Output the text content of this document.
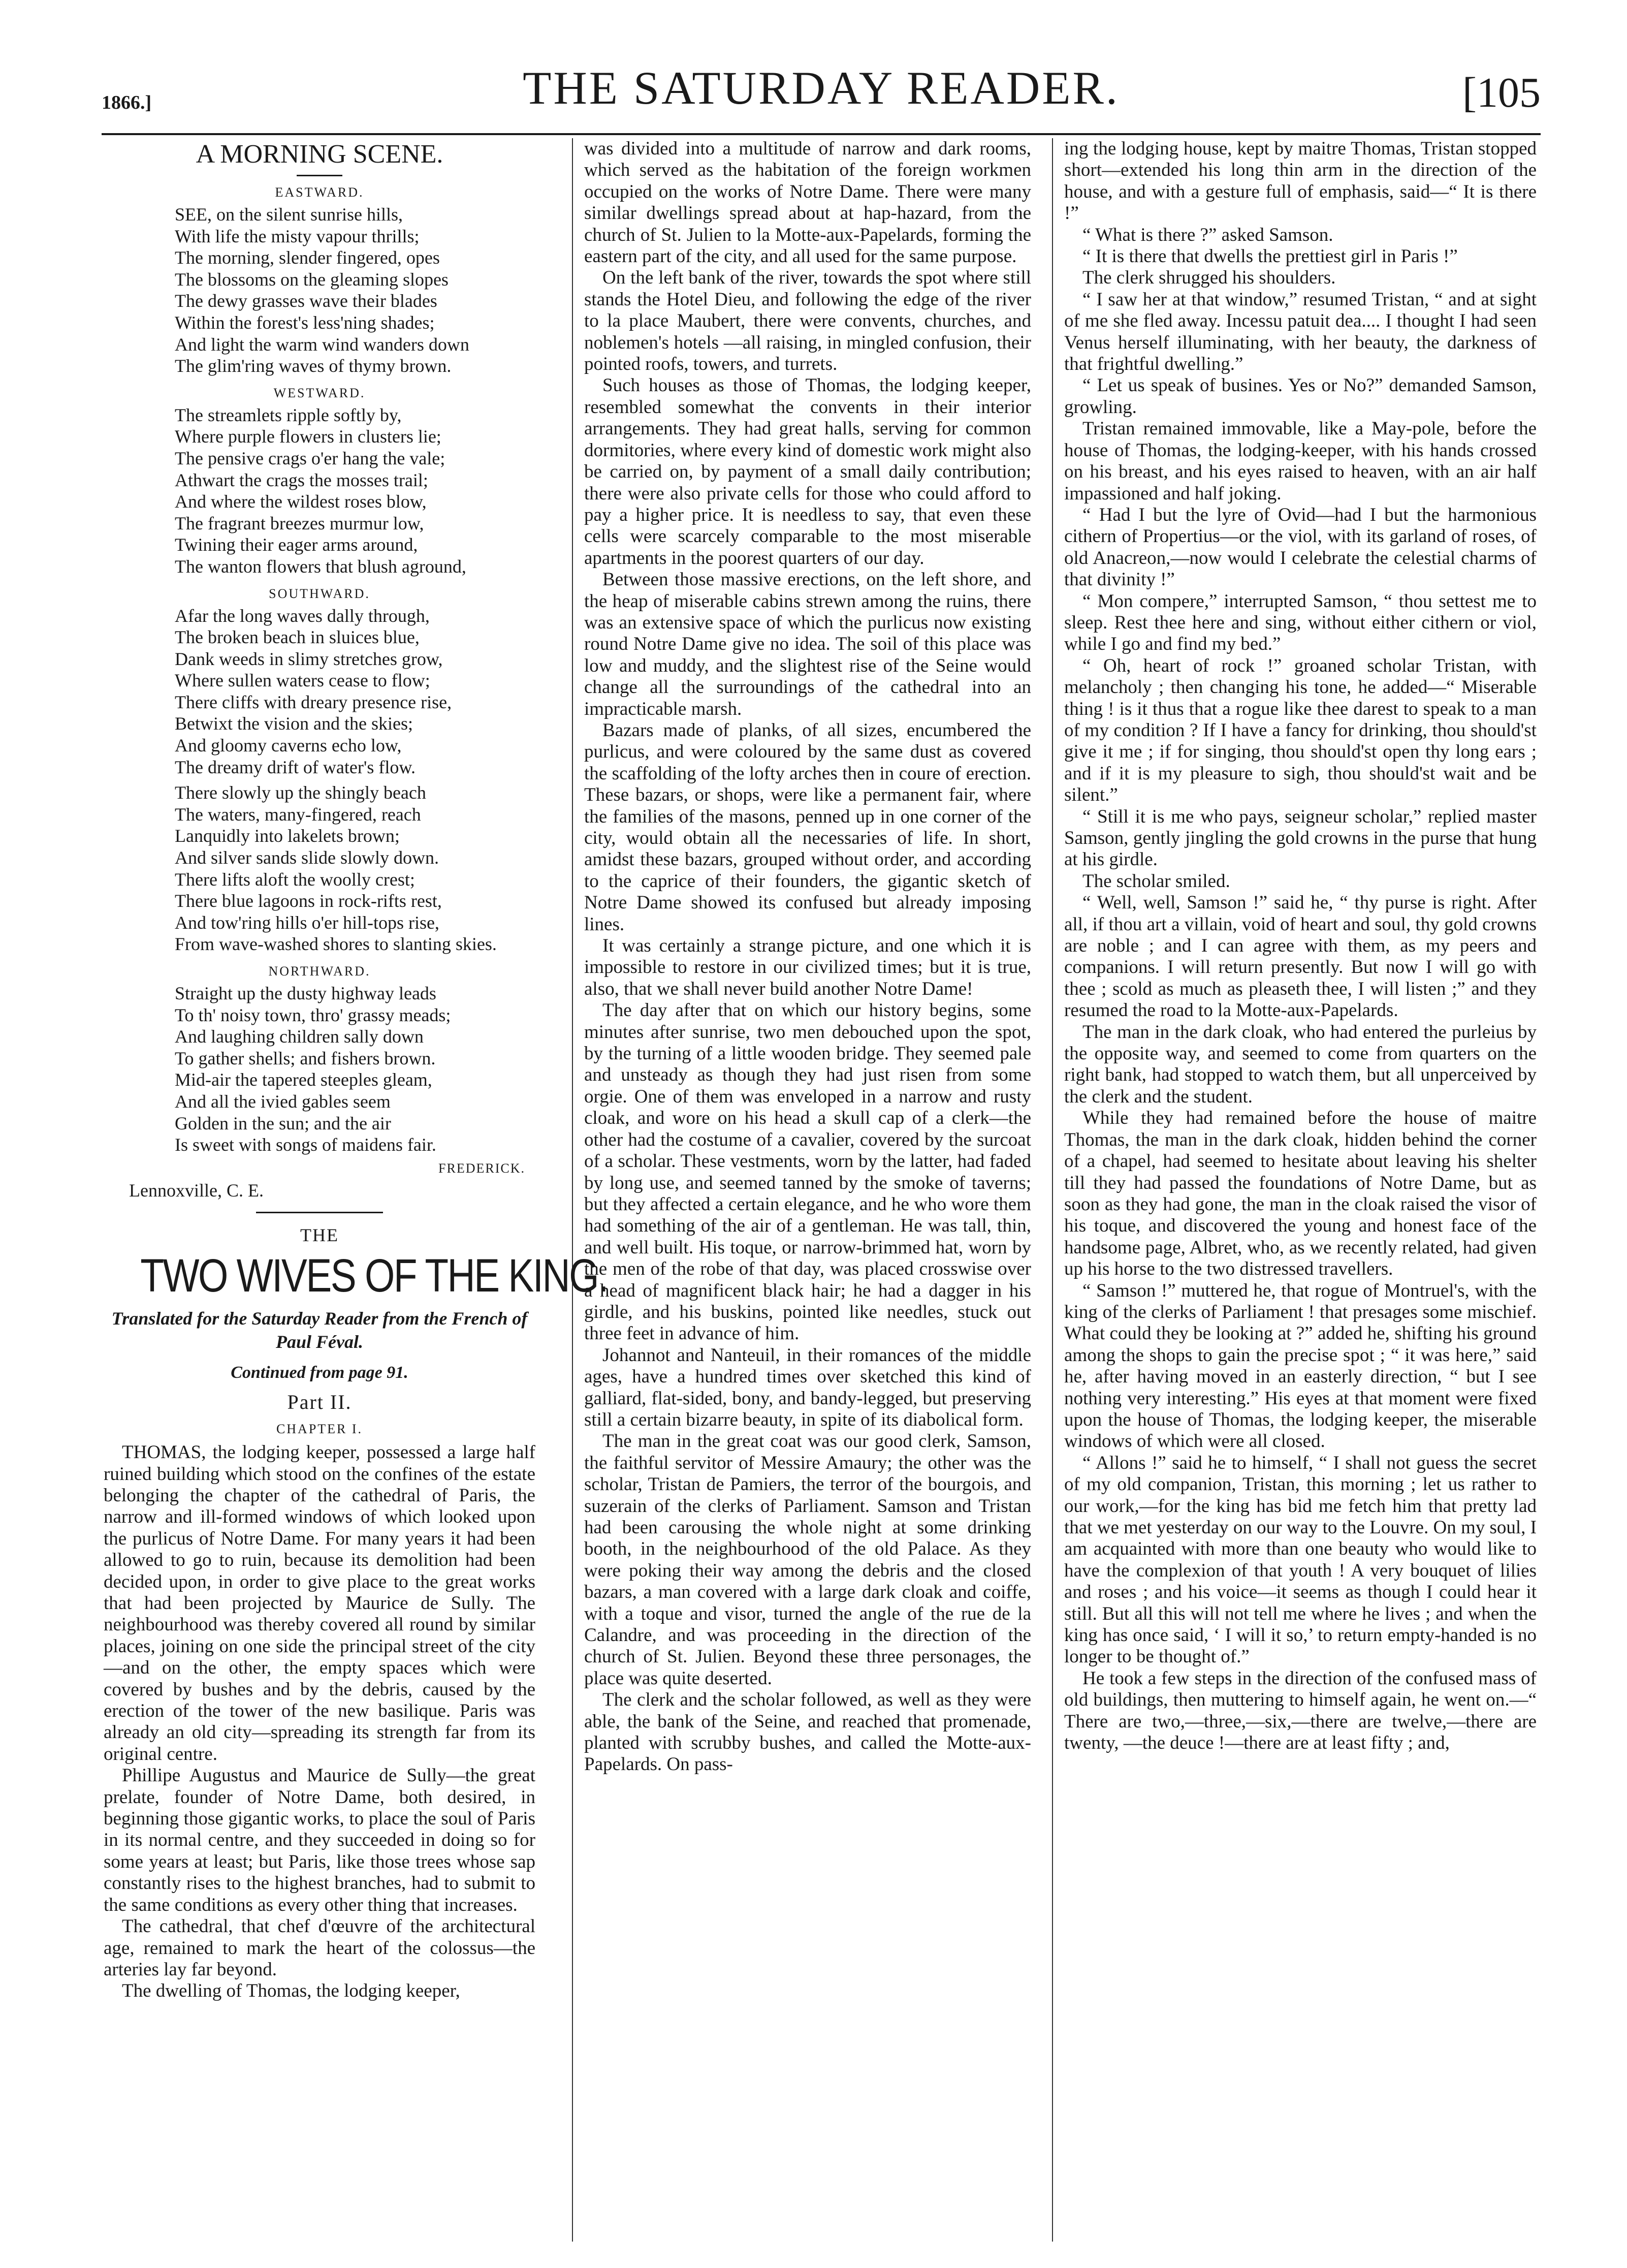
1866.]	THE SATURDAY READER.	[105
A MORNING SCENE.
EASTWARD.
SEE, on the silent sunrise hills,
With life the misty vapour thrills;
The morning, slender fingered, opes
The blossoms on the gleaming slopes
The dewy grasses wave their blades
Within the forest's less'ning shades;
And light the warm wind wanders down
The glim'ring waves of thymy brown.
WESTWARD.
The streamlets ripple softly by,
Where purple flowers in clusters lie;
The pensive crags o'er hang the vale;
Athwart the crags the mosses trail;
And where the wildest roses blow,
The fragrant breezes murmur low,
Twining their eager arms around,
The wanton flowers that blush aground,
SOUTHWARD.
Afar the long waves dally through,
The broken beach in sluices blue,
Dank weeds in slimy stretches grow,
Where sullen waters cease to flow;
There cliffs with dreary presence rise,
Betwixt the vision and the skies;
And gloomy caverns echo low,
The dreamy drift of water's flow.
There slowly up the shingly beach
The waters, many-fingered, reach
Lanquidly into lakelets brown;
And silver sands slide slowly down.
There lifts aloft the woolly crest;
There blue lagoons in rock-rifts rest,
And tow'ring hills o'er hill-tops rise,
From wave-washed shores to slanting skies.
NORTHWARD.
Straight up the dusty highway leads
To th' noisy town, thro' grassy meads;
And laughing children sally down
To gather shells; and fishers brown.
Mid-air the tapered steeples gleam,
And all the ivied gables seem
Golden in the sun; and the air
Is sweet with songs of maidens fair.
FREDERICK.
Lennoxville, C. E.
THE
TWO WIVES OF THE KING.
Translated for the Saturday Reader from the French of Paul Féval.
Continued from page 91.
Part II.
CHAPTER I.

THOMAS, the lodging keeper, possessed a large half ruined building which stood on the confines of the estate belonging the chapter of the cathedral of Paris, the narrow and ill-formed windows of which looked upon the purlicus of Notre Dame. For many years it had been allowed to go to ruin, because its demolition had been decided upon, in order to give place to the great works that had been projected by Maurice de Sully. The neighbourhood was thereby covered all round by similar places, joining on one side the principal street of the city—and on the other, the empty spaces which were covered by bushes and by the debris, caused by the erection of the tower of the new basilique. Paris was already an old city—spreading its strength far from its original centre.

Phillipe Augustus and Maurice de Sully—the great prelate, founder of Notre Dame, both desired, in beginning those gigantic works, to place the soul of Paris in its normal centre, and they succeeded in doing so for some years at least; but Paris, like those trees whose sap constantly rises to the highest branches, had to submit to the same conditions as every other thing that increases.

The cathedral, that chef d'œuvre of the architectural age, remained to mark the heart of the colossus—the arteries lay far beyond.

The dwelling of Thomas, the lodging keeper,

was divided into a multitude of narrow and dark rooms, which served as the habitation of the foreign workmen occupied on the works of Notre Dame. There were many similar dwellings spread about at hap-hazard, from the church of St. Julien to la Motte-aux-Papelards, forming the eastern part of the city, and all used for the same purpose.

On the left bank of the river, towards the spot where still stands the Hotel Dieu, and following the edge of the river to la place Maubert, there were convents, churches, and noblemen's hotels —all raising, in mingled confusion, their pointed roofs, towers, and turrets.

Such houses as those of Thomas, the lodging keeper, resembled somewhat the convents in their interior arrangements. They had great halls, serving for common dormitories, where every kind of domestic work might also be carried on, by payment of a small daily contribution; there were also private cells for those who could afford to pay a higher price. It is needless to say, that even these cells were scarcely comparable to the most miserable apartments in the poorest quarters of our day.

Between those massive erections, on the left shore, and the heap of miserable cabins strewn among the ruins, there was an extensive space of which the purlicus now existing round Notre Dame give no idea. The soil of this place was low and muddy, and the slightest rise of the Seine would change all the surroundings of the cathedral into an impracticable marsh.

Bazars made of planks, of all sizes, encumbered the purlicus, and were coloured by the same dust as covered the scaffolding of the lofty arches then in coure of erection. These bazars, or shops, were like a permanent fair, where the families of the masons, penned up in one corner of the city, would obtain all the necessaries of life. In short, amidst these bazars, grouped without order, and according to the caprice of their founders, the gigantic sketch of Notre Dame showed its confused but already imposing lines.

It was certainly a strange picture, and one which it is impossible to restore in our civilized times; but it is true, also, that we shall never build another Notre Dame!

The day after that on which our history begins, some minutes after sunrise, two men debouched upon the spot, by the turning of a little wooden bridge. They seemed pale and unsteady as though they had just risen from some orgie. One of them was enveloped in a narrow and rusty cloak, and wore on his head a skull cap of a clerk—the other had the costume of a cavalier, covered by the surcoat of a scholar. These vestments, worn by the latter, had faded by long use, and seemed tanned by the smoke of taverns; but they affected a certain elegance, and he who wore them had something of the air of a gentleman. He was tall, thin, and well built. His toque, or narrow-brimmed hat, worn by the men of the robe of that day, was placed crosswise over a head of magnificent black hair; he had a dagger in his girdle, and his buskins, pointed like needles, stuck out three feet in advance of him.

Johannot and Nanteuil, in their romances of the middle ages, have a hundred times over sketched this kind of galliard, flat-sided, bony, and bandy-legged, but preserving still a certain bizarre beauty, in spite of its diabolical form.

The man in the great coat was our good clerk, Samson, the faithful servitor of Messire Amaury; the other was the scholar, Tristan de Pamiers, the terror of the bourgois, and suzerain of the clerks of Parliament. Samson and Tristan had been carousing the whole night at some drinking booth, in the neighbourhood of the old Palace. As they were poking their way among the debris and the closed bazars, a man covered with a large dark cloak and coiffe, with a toque and visor, turned the angle of the rue de la Calandre, and was proceeding in the direction of the church of St. Julien. Beyond these three personages, the place was quite deserted.

The clerk and the scholar followed, as well as they were able, the bank of the Seine, and reached that promenade, planted with scrubby bushes, and called the Motte-aux-Papelards. On pass-

ing the lodging house, kept by maitre Thomas, Tristan stopped short—extended his long thin arm in the direction of the house, and with a gesture full of emphasis, said—“ It is there !”

“ What is there ?” asked Samson.

“ It is there that dwells the prettiest girl in Paris !”

The clerk shrugged his shoulders.

“ I saw her at that window,” resumed Tristan, “ and at sight of me she fled away. Incessu patuit dea.... I thought I had seen Venus herself illuminating, with her beauty, the darkness of that frightful dwelling.”

“ Let us speak of busines. Yes or No?” demanded Samson, growling.

Tristan remained immovable, like a May-pole, before the house of Thomas, the lodging-keeper, with his hands crossed on his breast, and his eyes raised to heaven, with an air half impassioned and half joking.

“ Had I but the lyre of Ovid—had I but the harmonious cithern of Propertius—or the viol, with its garland of roses, of old Anacreon,—now would I celebrate the celestial charms of that divinity !”

“ Mon compere,” interrupted Samson, “ thou settest me to sleep. Rest thee here and sing, without either cithern or viol, while I go and find my bed.”

“ Oh, heart of rock !” groaned scholar Tristan, with melancholy ; then changing his tone, he added—“ Miserable thing ! is it thus that a rogue like thee darest to speak to a man of my condition ? If I have a fancy for drinking, thou should'st give it me ; if for singing, thou should'st open thy long ears ; and if it is my pleasure to sigh, thou should'st wait and be silent.”

“ Still it is me who pays, seigneur scholar,” replied master Samson, gently jingling the gold crowns in the purse that hung at his girdle.

The scholar smiled.

“ Well, well, Samson !” said he, “ thy purse is right. After all, if thou art a villain, void of heart and soul, thy gold crowns are noble ; and I can agree with them, as my peers and companions. I will return presently. But now I will go with thee ; scold as much as pleaseth thee, I will listen ;” and they resumed the road to la Motte-aux-Papelards.

The man in the dark cloak, who had entered the purleius by the opposite way, and seemed to come from quarters on the right bank, had stopped to watch them, but all unperceived by the clerk and the student.

While they had remained before the house of maitre Thomas, the man in the dark cloak, hidden behind the corner of a chapel, had seemed to hesitate about leaving his shelter till they had passed the foundations of Notre Dame, but as soon as they had gone, the man in the cloak raised the visor of his toque, and discovered the young and honest face of the handsome page, Albret, who, as we recently related, had given up his horse to the two distressed travellers.

“ Samson !” muttered he, that rogue of Montruel's, with the king of the clerks of Parliament ! that presages some mischief. What could they be looking at ?” added he, shifting his ground among the shops to gain the precise spot ; “ it was here,” said he, after having moved in an easterly direction, “ but I see nothing very interesting.” His eyes at that moment were fixed upon the house of Thomas, the lodging keeper, the miserable windows of which were all closed.

“ Allons !” said he to himself, “ I shall not guess the secret of my old companion, Tristan, this morning ; let us rather to our work,—for the king has bid me fetch him that pretty lad that we met yesterday on our way to the Louvre. On my soul, I am acquainted with more than one beauty who would like to have the complexion of that youth ! A very bouquet of lilies and roses ; and his voice—it seems as though I could hear it still. But all this will not tell me where he lives ; and when the king has once said, ‘ I will it so,’ to return empty-handed is no longer to be thought of.”

He took a few steps in the direction of the confused mass of old buildings, then muttering to himself again, he went on.—“ There are two,—three,—six,—there are twelve,—there are twenty, —the deuce !—there are at least fifty ; and,
